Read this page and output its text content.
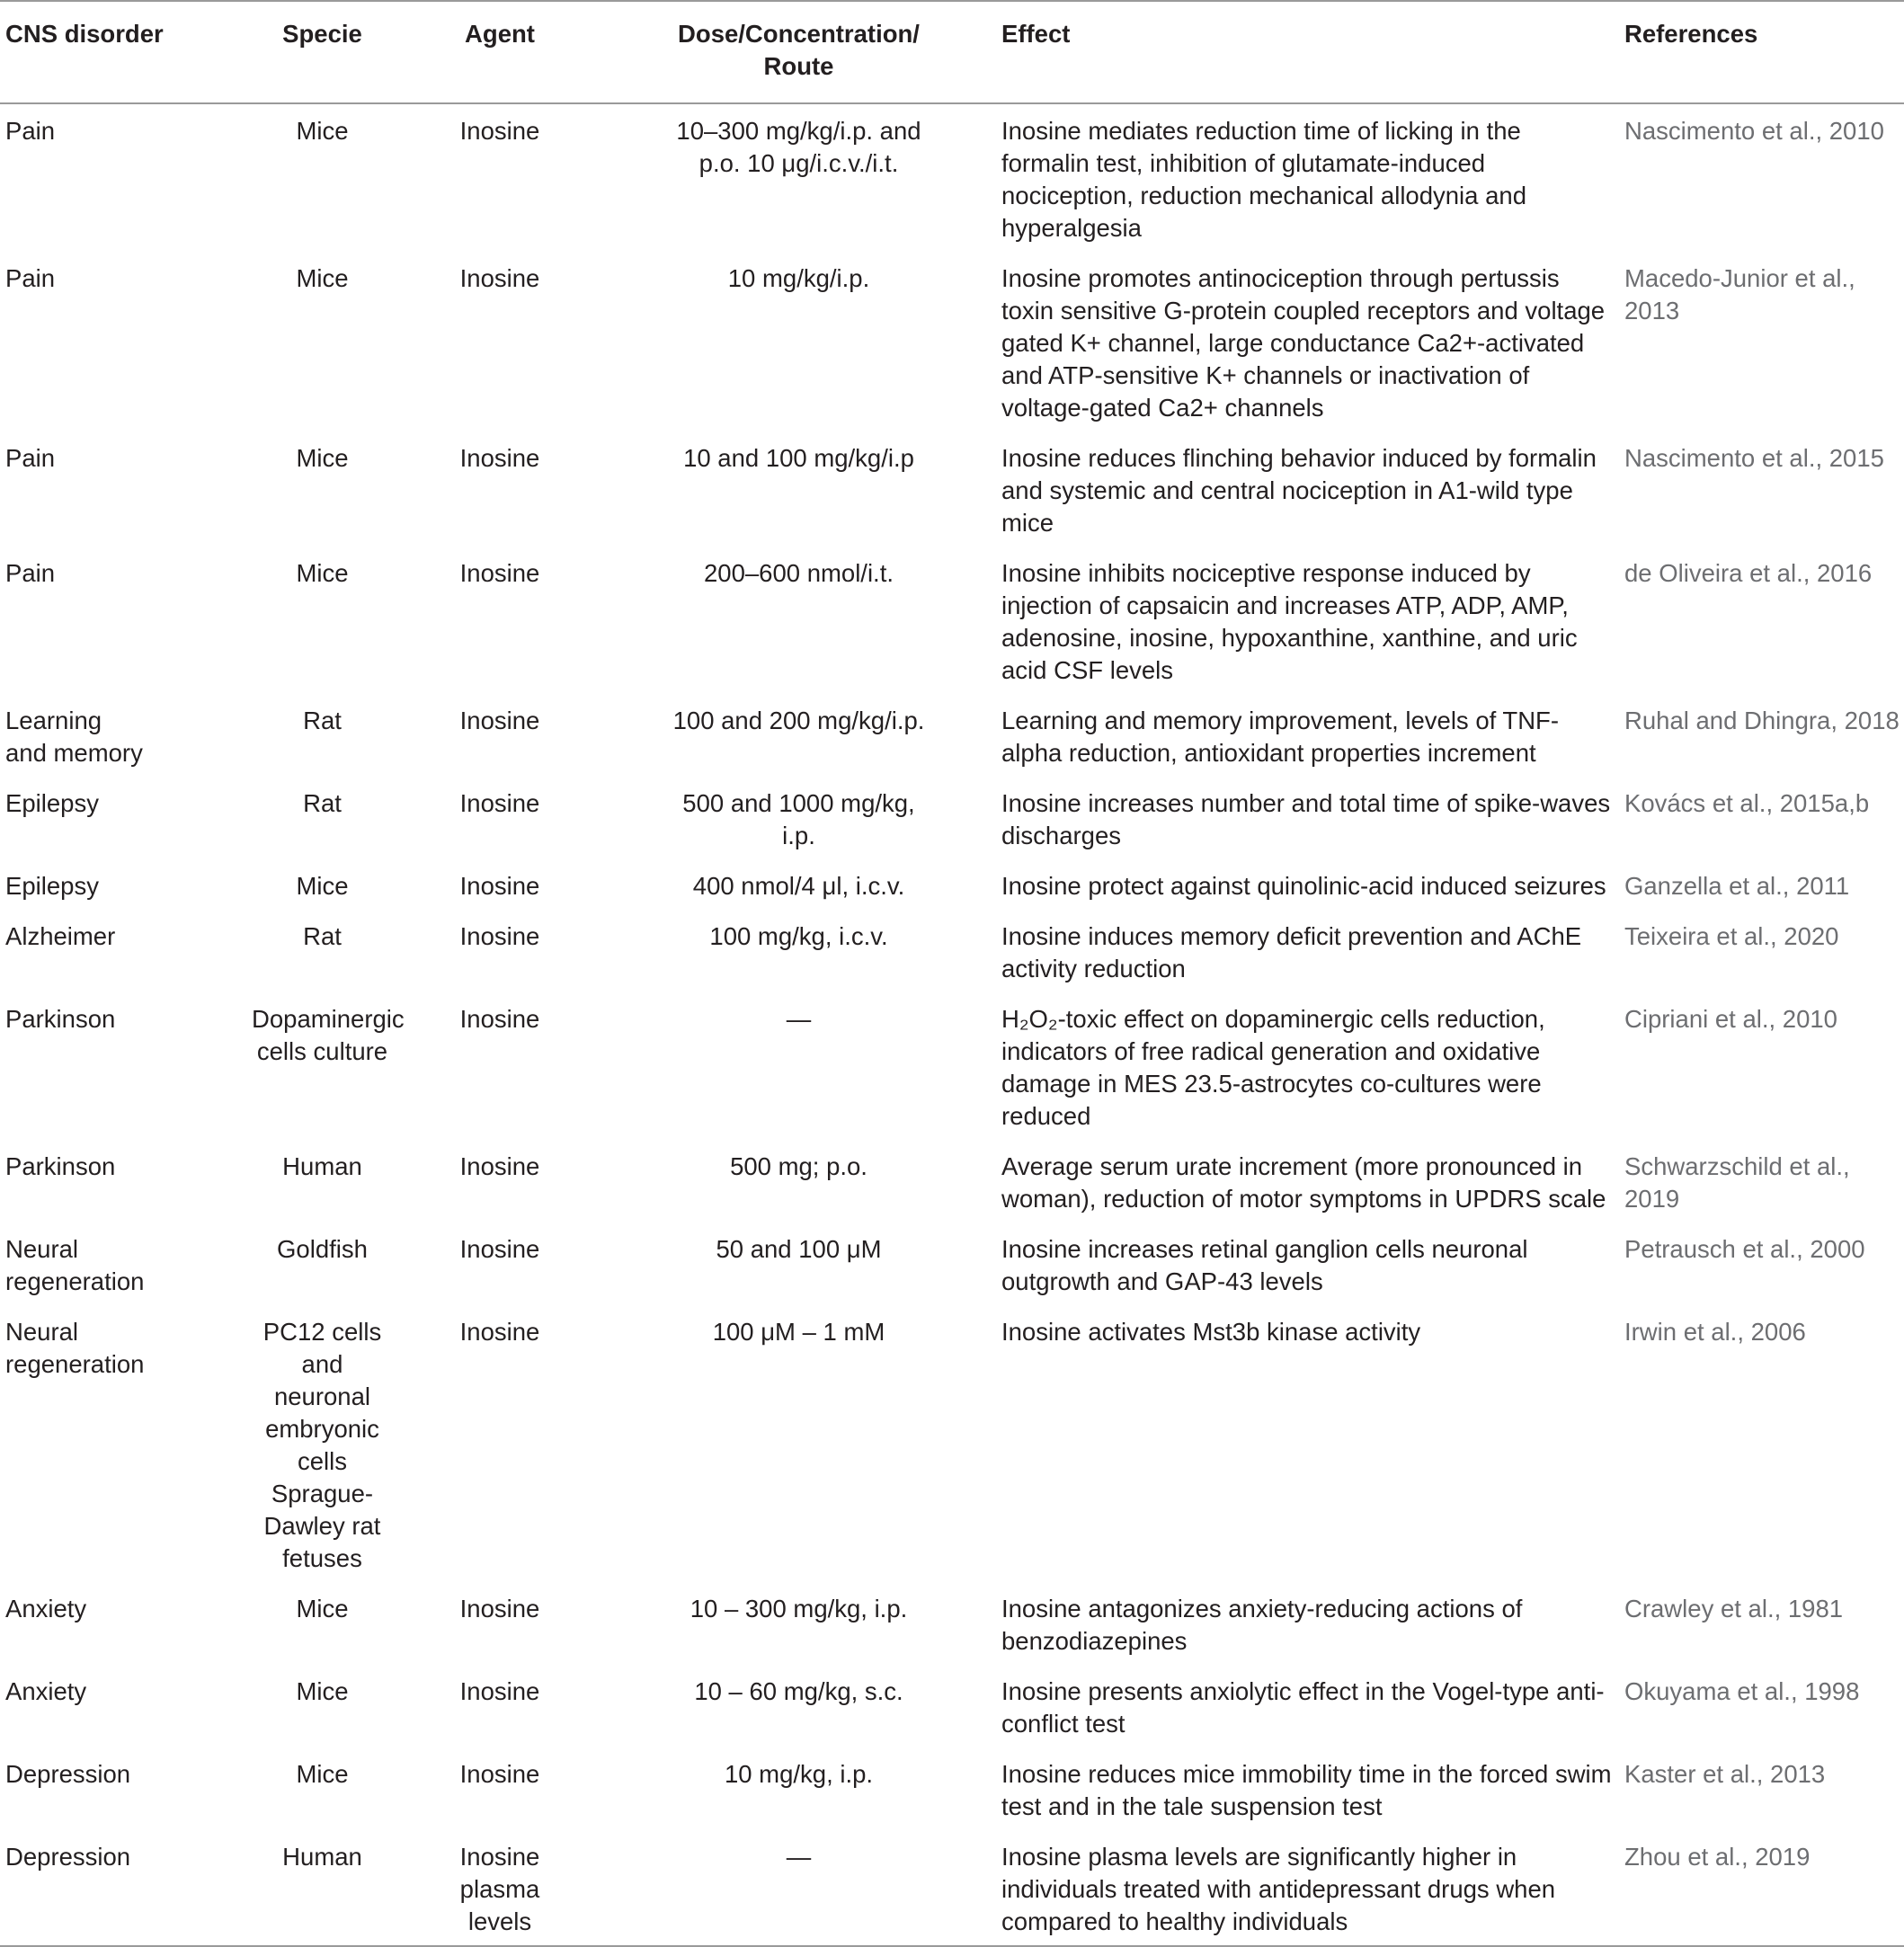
CNS disorder	Specie	Agent	Dose/Concentration/ Route	Effect	References
Pain	Mice	Inosine	10–300 mg/kg/i.p. and p.o. 10 μg/i.c.v./i.t.	Inosine mediates reduction time of licking in the formalin test, inhibition of glutamate-induced nociception, reduction mechanical allodynia and hyperalgesia	Nascimento et al., 2010
Pain	Mice	Inosine	10 mg/kg/i.p.	Inosine promotes antinociception through pertussis toxin sensitive G-protein coupled receptors and voltage gated K+ channel, large conductance Ca2+-activated and ATP-sensitive K+ channels or inactivation of voltage-gated Ca2+ channels	Macedo-Junior et al., 2013
Pain	Mice	Inosine	10 and 100 mg/kg/i.p	Inosine reduces flinching behavior induced by formalin and systemic and central nociception in A1-wild type mice	Nascimento et al., 2015
Pain	Mice	Inosine	200–600 nmol/i.t.	Inosine inhibits nociceptive response induced by injection of capsaicin and increases ATP, ADP, AMP, adenosine, inosine, hypoxanthine, xanthine, and uric acid CSF levels	de Oliveira et al., 2016
Learning and memory	Rat	Inosine	100 and 200 mg/kg/i.p.	Learning and memory improvement, levels of TNF-alpha reduction, antioxidant properties increment	Ruhal and Dhingra, 2018
Epilepsy	Rat	Inosine	500 and 1000 mg/kg, i.p.	Inosine increases number and total time of spike-waves discharges	Kovács et al., 2015a,b
Epilepsy	Mice	Inosine	400 nmol/4 μl, i.c.v.	Inosine protect against quinolinic-acid induced seizures	Ganzella et al., 2011
Alzheimer	Rat	Inosine	100 mg/kg, i.c.v.	Inosine induces memory deficit prevention and AChE activity reduction	Teixeira et al., 2020
Parkinson	Dopaminergic cells culture	Inosine	—	H₂O₂-toxic effect on dopaminergic cells reduction, indicators of free radical generation and oxidative damage in MES 23.5-astrocytes co-cultures were reduced	Cipriani et al., 2010
Parkinson	Human	Inosine	500 mg; p.o.	Average serum urate increment (more pronounced in woman), reduction of motor symptoms in UPDRS scale	Schwarzschild et al., 2019
Neural regeneration	Goldfish	Inosine	50 and 100 μM	Inosine increases retinal ganglion cells neuronal outgrowth and GAP-43 levels	Petrausch et al., 2000
Neural regeneration	PC12 cells and neuronal embryonic cells Sprague-Dawley rat fetuses	Inosine	100 μM – 1 mM	Inosine activates Mst3b kinase activity	Irwin et al., 2006
Anxiety	Mice	Inosine	10 – 300 mg/kg, i.p.	Inosine antagonizes anxiety-reducing actions of benzodiazepines	Crawley et al., 1981
Anxiety	Mice	Inosine	10 – 60 mg/kg, s.c.	Inosine presents anxiolytic effect in the Vogel-type anti-conflict test	Okuyama et al., 1998
Depression	Mice	Inosine	10 mg/kg, i.p.	Inosine reduces mice immobility time in the forced swim test and in the tale suspension test	Kaster et al., 2013
Depression	Human	Inosine plasma levels	—	Inosine plasma levels are significantly higher in individuals treated with antidepressant drugs when compared to healthy individuals	Zhou et al., 2019
